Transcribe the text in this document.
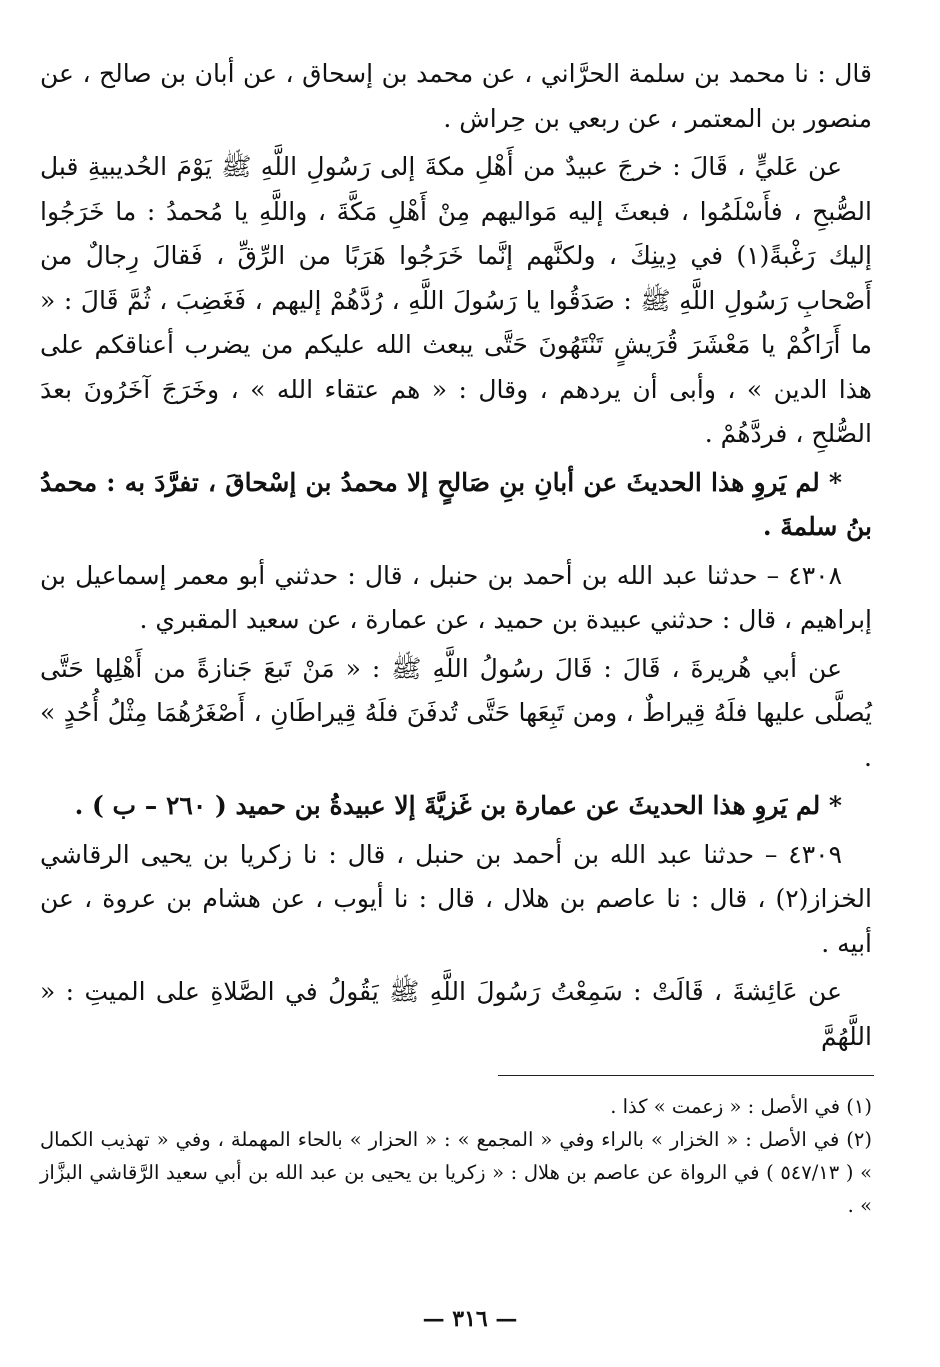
قال : نا محمد بن سلمة الحرَّاني ، عن محمد بن إسحاق ، عن أبان بن صالح ، عن منصور بن المعتمر ، عن ربعي بن حِراش .

عن عَليٍّ ، قَالَ : خرجَ عبيدٌ من أَهْلِ مكةَ إلى رَسُولِ اللَّهِ ﷺ يَوْمَ الحُديبيةِ قبل الصُّبحِ ، فأَسْلَمُوا ، فبعثَ إليه مَواليهم مِنْ أَهْلِ مَكَّةَ ، واللَّهِ يا مُحمدُ : ما خَرَجُوا إليك رَغْبةً(١) في دِينِكَ ، ولكنَّهم إنَّما خَرَجُوا هَرَبًا من الرِّقِّ ، فَقالَ رِجالٌ من أَصْحابِ رَسُولِ اللَّهِ ﷺ : صَدَقُوا يا رَسُولَ اللَّهِ ، رُدَّهُمْ إليهم ، فَغَضِبَ ، ثُمَّ قَالَ : « ما أَرَاكُمْ يا مَعْشَرَ قُرَيشٍ تَنْتَهُونَ حَتَّى يبعث الله عليكم من يضرب أعناقكم على هذا الدين » ، وأبى أن يردهم ، وقال : « هم عتقاء الله » ، وخَرَجَ آخَرُونَ بعدَ الصُّلحِ ، فردَّهُمْ .

* لم يَروِ هذا الحديثَ عن أبانِ بنِ صَالحٍ إلا محمدُ بن إسْحاقَ ، تفرَّدَ به : محمدُ بنُ سلمةَ .

٤٣٠٨ – حدثنا عبد الله بن أحمد بن حنبل ، قال : حدثني أبو معمر إسماعيل بن إبراهيم ، قال : حدثني عبيدة بن حميد ، عن عمارة ، عن سعيد المقبري .

عن أبي هُريرةَ ، قَالَ : قَالَ رسُولُ اللَّهِ ﷺ : « مَنْ تَبعَ جَنازةً من أَهْلِها حَتَّى يُصلَّى عليها فلَهُ قِيراطٌ ، ومن تَبِعَها حَتَّى تُدفَنَ فلَهُ قِيراطَانِ ، أَصْغَرُهُمَا مِثْلُ أُحُدٍ » .

* لم يَروِ هذا الحديثَ عن عمارة بن غَزيَّةَ إلا عبيدةُ بن حميد ( ٢٦٠ – ب ) .

٤٣٠٩ – حدثنا عبد الله بن أحمد بن حنبل ، قال : نا زكريا بن يحيى الرقاشي الخزاز(٢) ، قال : نا عاصم بن هلال ، قال : نا أيوب ، عن هشام بن عروة ، عن أبيه .

عن عَائِشةَ ، قَالَتْ : سَمِعْتُ رَسُولَ اللَّهِ ﷺ يَقُولُ في الصَّلاةِ على الميتِ : « اللَّهُمَّ

(١) في الأصل : « زعمت » كذا .

(٢) في الأصل : « الخزار » بالراء وفي « المجمع » : « الحزار » بالحاء المهملة ، وفي « تهذيب الكمال » ( ٥٤٧/١٣ ) في الرواة عن عاصم بن هلال : « زكريا بن يحيى بن عبد الله بن أبي سعيد الرَّقاشي البزَّاز » .

— ٣١٦ —
